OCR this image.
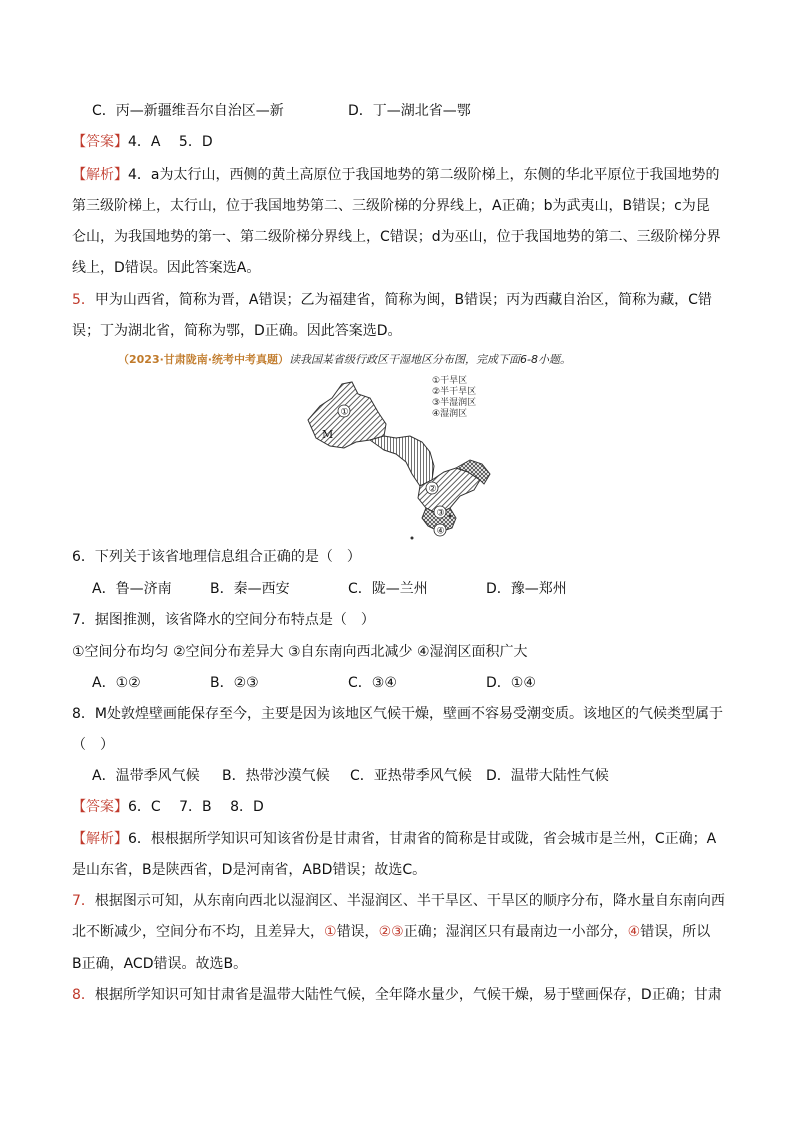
C．丙—新疆维吾尔自治区—新	D．丁—湖北省—鄂
【答案】4．A　 5．D
【解析】4．a为太行山，西侧的黄土高原位于我国地势的第二级阶梯上，东侧的华北平原位于我国地势的
第三级阶梯上，太行山，位于我国地势第二、三级阶梯的分界线上，A正确；b为武夷山，B错误；c为昆
仑山，为我国地势的第一、第二级阶梯分界线上，C错误；d为巫山，位于我国地势的第二、三级阶梯分界
线上，D错误。因此答案选A。
5．甲为山西省，简称为晋，A错误；乙为福建省，简称为闽，B错误；丙为西藏自治区，简称为藏，C错
误；丁为湖北省，简称为鄂，D正确。因此答案选D。
（2023·甘肃陇南·统考中考真题）读我国某省级行政区干湿地区分布图，完成下面6-8小题。
M
①
②
③
④
①干旱区
②半干旱区
③半湿润区
④湿润区
6．下列关于该省地理信息组合正确的是（　）
A．鲁—济南	B．秦—西安	C．陇—兰州	D．豫—郑州
7．据图推测，该省降水的空间分布特点是（　）
①空间分布均匀 ②空间分布差异大 ③自东南向西北减少 ④湿润区面积广大
A．①②	B．②③	C．③④	D．①④
8．M处敦煌壁画能保存至今，主要是因为该地区气候干燥，壁画不容易受潮变质。该地区的气候类型属于
（　）
A．温带季风气候 B．热带沙漠气候 C．亚热带季风气候 D．温带大陆性气候
【答案】6．C　 7．B　 8．D
【解析】6．根根据所学知识可知该省份是甘肃省，甘肃省的简称是甘或陇，省会城市是兰州，C正确；A
是山东省，B是陕西省，D是河南省，ABD错误；故选C。
7．根据图示可知，从东南向西北以湿润区、半湿润区、半干旱区、干旱区的顺序分布，降水量自东南向西
北不断减少，空间分布不均，且差异大，①错误，②③正确；湿润区只有最南边一小部分，④错误，所以
B正确，ACD错误。故选B。
8．根据所学知识可知甘肃省是温带大陆性气候，全年降水量少，气候干燥，易于壁画保存，D正确；甘肃
